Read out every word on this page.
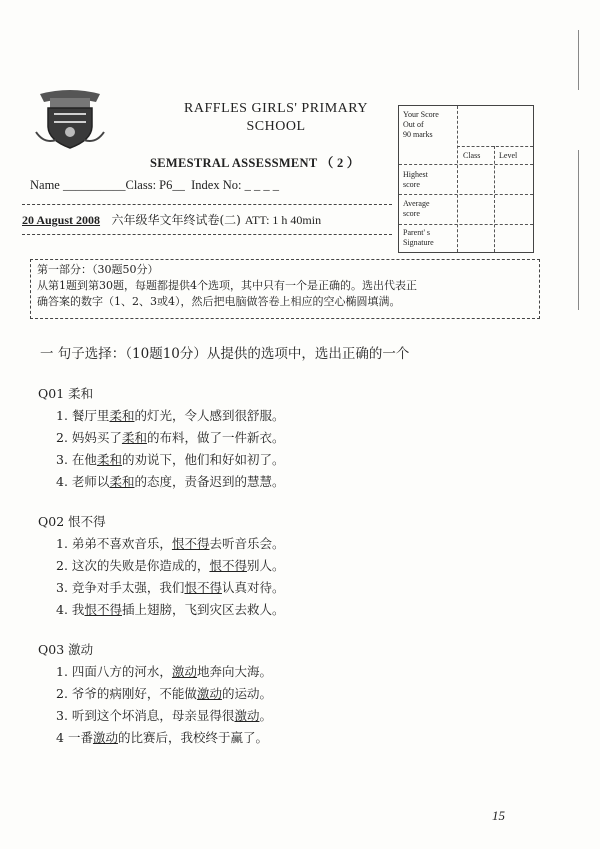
RAFFLES GIRLS' PRIMARY
SCHOOL
SEMESTRAL ASSESSMENT （ 2 ）
Name __________Class: P6__  Index No: _ _ _ _
20 August 2008 六年级华文年终试卷(二) ATT: 1 h 40min
Your Score
Out of
90 marks
Class Level
Highest
score
Average
score
Parent' s
Signature
第一部分：（30题50分）
从第1题到第30题，每题都提供4个选项，其中只有一个是正确的。选出代表正
确答案的数字（1、2、3或4），然后把电脑做答卷上相应的空心椭圆填满。
一 句子选择：（10题10分）从提供的选项中，选出正确的一个
Q01 柔和
1. 餐厅里柔和的灯光，令人感到很舒服。
2. 妈妈买了柔和的布料，做了一件新衣。
3. 在他柔和的劝说下，他们和好如初了。
4. 老师以柔和的态度，责备迟到的慧慧。
Q02 恨不得
1. 弟弟不喜欢音乐，恨不得去听音乐会。
2. 这次的失败是你造成的，恨不得别人。
3. 竞争对手太强，我们恨不得认真对待。
4. 我恨不得插上翅膀，飞到灾区去救人。
Q03 激动
1. 四面八方的河水，激动地奔向大海。
2. 爷爷的病刚好，不能做激动的运动。
3. 听到这个坏消息，母亲显得很激动。
4 一番激动的比赛后，我校终于赢了。
15
